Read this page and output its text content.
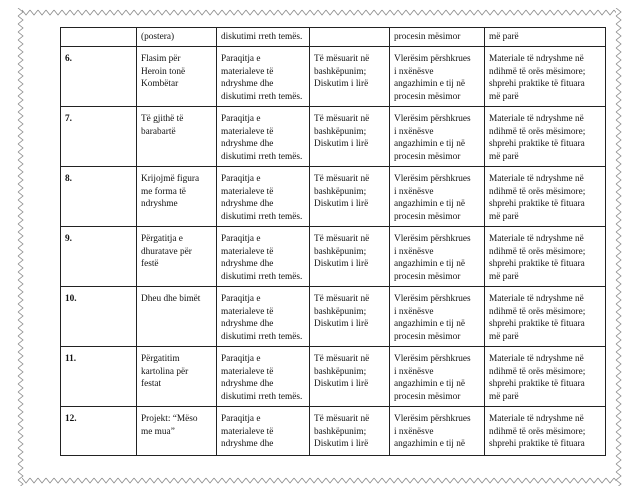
	(postera)	diskutimi rreth temës.		procesin mësimor	më parë
6.	Flasim për
Heroin tonë
Kombëtar	Paraqitja e
materialeve të
ndryshme dhe
diskutimi rreth temës.	Të mësuarit në
bashkëpunim;
Diskutim i lirë	Vlerësim përshkrues
i nxënësve
angazhimin e tij në
procesin mësimor	Materiale të ndryshme në
ndihmë të orës mësimore;
shprehi praktike të fituara
më parë
7.	Të gjithë të
barabartë	Paraqitja e
materialeve të
ndryshme dhe
diskutimi rreth temës.	Të mësuarit në
bashkëpunim;
Diskutim i lirë	Vlerësim përshkrues
i nxënësve
angazhimin e tij në
procesin mësimor	Materiale të ndryshme në
ndihmë të orës mësimore;
shprehi praktike të fituara
më parë
8.	Krijojmë figura
me forma të
ndryshme	Paraqitja e
materialeve të
ndryshme dhe
diskutimi rreth temës.	Të mësuarit në
bashkëpunim;
Diskutim i lirë	Vlerësim përshkrues
i nxënësve
angazhimin e tij në
procesin mësimor	Materiale të ndryshme në
ndihmë të orës mësimore;
shprehi praktike të fituara
më parë
9.	Përgatitja e
dhuratave për
festë	Paraqitja e
materialeve të
ndryshme dhe
diskutimi rreth temës.	Të mësuarit në
bashkëpunim;
Diskutim i lirë	Vlerësim përshkrues
i nxënësve
angazhimin e tij në
procesin mësimor	Materiale të ndryshme në
ndihmë të orës mësimore;
shprehi praktike të fituara
më parë
10.	Dheu dhe bimët	Paraqitja e
materialeve të
ndryshme dhe
diskutimi rreth temës.	Të mësuarit në
bashkëpunim;
Diskutim i lirë	Vlerësim përshkrues
i nxënësve
angazhimin e tij në
procesin mësimor	Materiale të ndryshme në
ndihmë të orës mësimore;
shprehi praktike të fituara
më parë
11.	Përgatitim
kartolina për
festat	Paraqitja e
materialeve të
ndryshme dhe
diskutimi rreth temës.	Të mësuarit në
bashkëpunim;
Diskutim i lirë	Vlerësim përshkrues
i nxënësve
angazhimin e tij në
procesin mësimor	Materiale të ndryshme në
ndihmë të orës mësimore;
shprehi praktike të fituara
më parë
12.	Projekt: “Mëso
me mua”	Paraqitja e
materialeve të
ndryshme dhe	Të mësuarit në
bashkëpunim;
Diskutim i lirë	Vlerësim përshkrues
i nxënësve
angazhimin e tij në	Materiale të ndryshme në
ndihmë të orës mësimore;
shprehi praktike të fituara
